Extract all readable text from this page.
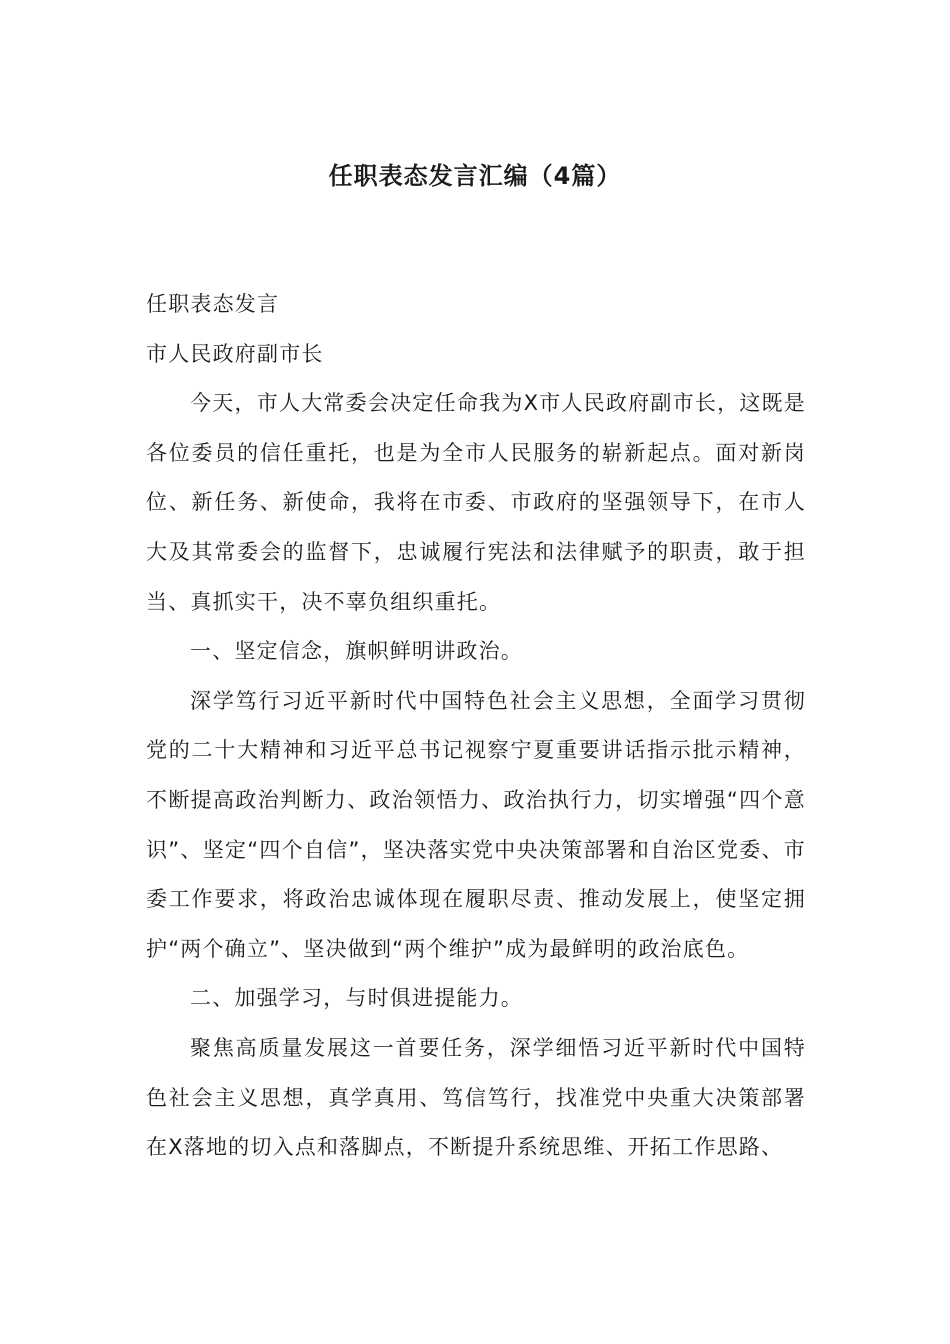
任职表态发言汇编（4篇）

任职表态发言

市人民政府副市长

今天，市人大常委会决定任命我为X市人民政府副市长，这既是各位委员的信任重托，也是为全市人民服务的崭新起点。面对新岗位、新任务、新使命，我将在市委、市政府的坚强领导下，在市人大及其常委会的监督下，忠诚履行宪法和法律赋予的职责，敢于担当、真抓实干，决不辜负组织重托。

一、坚定信念，旗帜鲜明讲政治。

深学笃行习近平新时代中国特色社会主义思想，全面学习贯彻党的二十大精神和习近平总书记视察宁夏重要讲话指示批示精神，不断提高政治判断力、政治领悟力、政治执行力，切实增强“四个意识”、坚定“四个自信”，坚决落实党中央决策部署和自治区党委、市委工作要求，将政治忠诚体现在履职尽责、推动发展上，使坚定拥护“两个确立”、坚决做到“两个维护”成为最鲜明的政治底色。

二、加强学习，与时俱进提能力。

聚焦高质量发展这一首要任务，深学细悟习近平新时代中国特色社会主义思想，真学真用、笃信笃行，找准党中央重大决策部署在X落地的切入点和落脚点，不断提升系统思维、开拓工作思路、
